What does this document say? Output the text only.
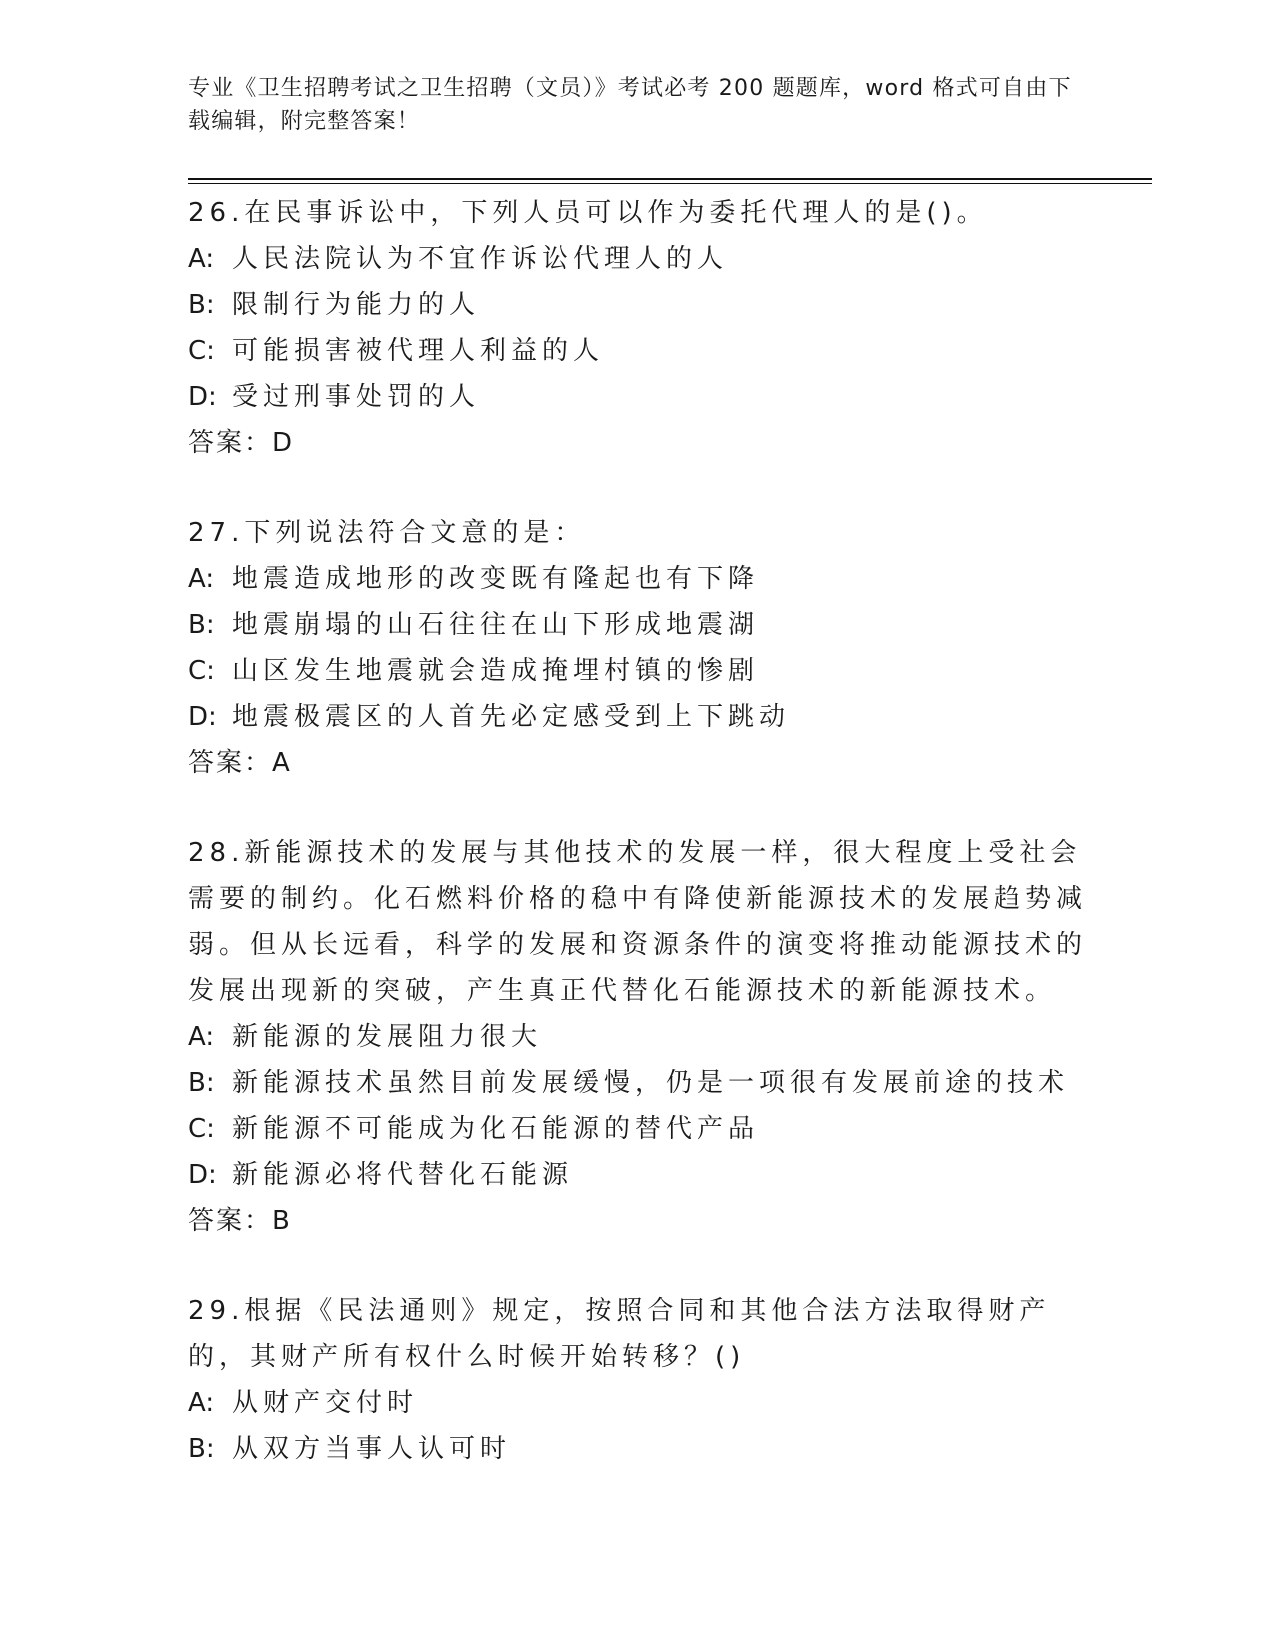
专业《卫生招聘考试之卫生招聘（文员）》考试必考 200 题题库，word 格式可自由下载编辑，附完整答案！
26.在民事诉讼中，下列人员可以作为委托代理人的是()。
A: 人民法院认为不宜作诉讼代理人的人
B: 限制行为能力的人
C: 可能损害被代理人利益的人
D: 受过刑事处罚的人
答案：D
27.下列说法符合文意的是：
A: 地震造成地形的改变既有隆起也有下降
B: 地震崩塌的山石往往在山下形成地震湖
C: 山区发生地震就会造成掩埋村镇的惨剧
D: 地震极震区的人首先必定感受到上下跳动
答案：A
28.新能源技术的发展与其他技术的发展一样，很大程度上受社会需要的制约。化石燃料价格的稳中有降使新能源技术的发展趋势减弱。但从长远看，科学的发展和资源条件的演变将推动能源技术的发展出现新的突破，产生真正代替化石能源技术的新能源技术。
A: 新能源的发展阻力很大
B: 新能源技术虽然目前发展缓慢，仍是一项很有发展前途的技术
C: 新能源不可能成为化石能源的替代产品
D: 新能源必将代替化石能源
答案：B
29.根据《民法通则》规定，按照合同和其他合法方法取得财产的，其财产所有权什么时候开始转移？()
A: 从财产交付时
B: 从双方当事人认可时
